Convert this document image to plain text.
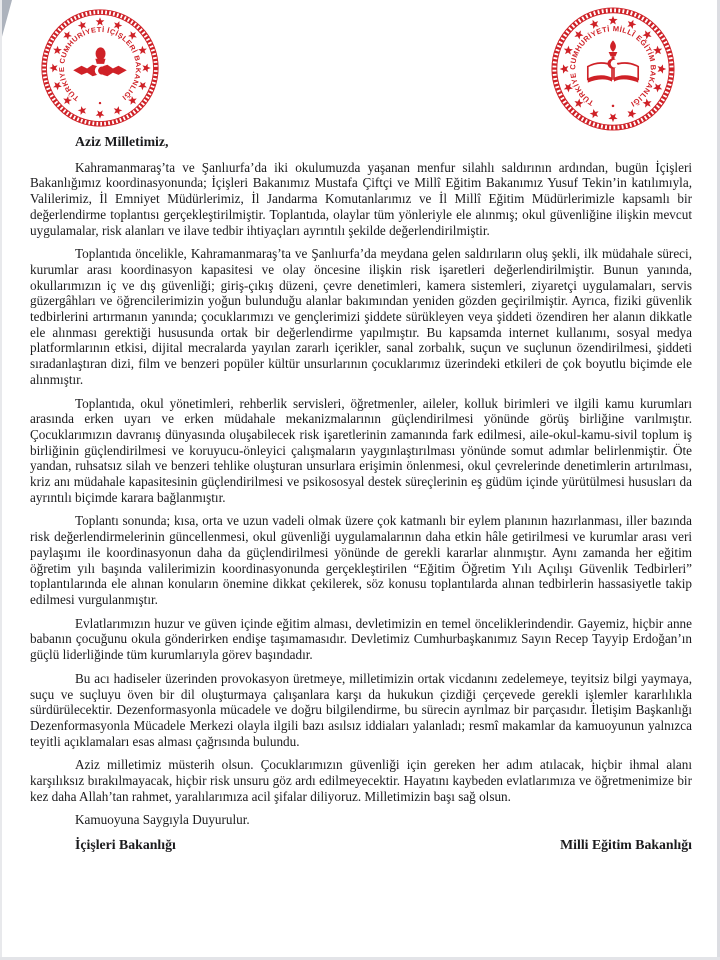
TÜRKİYE CUMHURİYETİ İÇİŞLERİ BAKANLIĞI
TÜRKİYE CUMHURİYETİ MİLLÎ EĞİTİM BAKANLIĞI

Aziz Milletimiz,

Kahramanmaraş’ta ve Şanlıurfa’da iki okulumuzda yaşanan menfur silahlı saldırının ardından, bugün İçişleri Bakanlığımız koordinasyonunda; İçişleri Bakanımız Mustafa Çiftçi ve Millî Eğitim Bakanımız Yusuf Tekin’in katılımıyla, Valilerimiz, İl Emniyet Müdürlerimiz, İl Jandarma Komutanlarımız ve İl Millî Eğitim Müdürlerimizle kapsamlı bir değerlendirme toplantısı gerçekleştirilmiştir. Toplantıda, olaylar tüm yönleriyle ele alınmış; okul güvenliğine ilişkin mevcut uygulamalar, risk alanları ve ilave tedbir ihtiyaçları ayrıntılı şekilde değerlendirilmiştir.

Toplantıda öncelikle, Kahramanmaraş’ta ve Şanlıurfa’da meydana gelen saldırıların oluş şekli, ilk müdahale süreci, kurumlar arası koordinasyon kapasitesi ve olay öncesine ilişkin risk işaretleri değerlendirilmiştir. Bunun yanında, okullarımızın iç ve dış güvenliği; giriş-çıkış düzeni, çevre denetimleri, kamera sistemleri, ziyaretçi uygulamaları, servis güzergâhları ve öğrencilerimizin yoğun bulunduğu alanlar bakımından yeniden gözden geçirilmiştir. Ayrıca, fiziki güvenlik tedbirlerini artırmanın yanında; çocuklarımızı ve gençlerimizi şiddete sürükleyen veya şiddeti özendiren her alanın dikkatle ele alınması gerektiği hususunda ortak bir değerlendirme yapılmıştır. Bu kapsamda internet kullanımı, sosyal medya platformlarının etkisi, dijital mecralarda yayılan zararlı içerikler, sanal zorbalık, suçun ve suçlunun özendirilmesi, şiddeti sıradanlaştıran dizi, film ve benzeri popüler kültür unsurlarının çocuklarımız üzerindeki etkileri de çok boyutlu biçimde ele alınmıştır.

Toplantıda, okul yönetimleri, rehberlik servisleri, öğretmenler, aileler, kolluk birimleri ve ilgili kamu kurumları arasında erken uyarı ve erken müdahale mekanizmalarının güçlendirilmesi yönünde görüş birliğine varılmıştır. Çocuklarımızın davranış dünyasında oluşabilecek risk işaretlerinin zamanında fark edilmesi, aile-okul-kamu-sivil toplum iş birliğinin güçlendirilmesi ve koruyucu-önleyici çalışmaların yaygınlaştırılması yönünde somut adımlar belirlenmiştir. Öte yandan, ruhsatsız silah ve benzeri tehlike oluşturan unsurlara erişimin önlenmesi, okul çevrelerinde denetimlerin artırılması, kriz anı müdahale kapasitesinin güçlendirilmesi ve psikososyal destek süreçlerinin eş güdüm içinde yürütülmesi hususları da ayrıntılı biçimde karara bağlanmıştır.

Toplantı sonunda; kısa, orta ve uzun vadeli olmak üzere çok katmanlı bir eylem planının hazırlanması, iller bazında risk değerlendirmelerinin güncellenmesi, okul güvenliği uygulamalarının daha etkin hâle getirilmesi ve kurumlar arası veri paylaşımı ile koordinasyonun daha da güçlendirilmesi yönünde de gerekli kararlar alınmıştır. Aynı zamanda her eğitim öğretim yılı başında valilerimizin koordinasyonunda gerçekleştirilen “Eğitim Öğretim Yılı Açılışı Güvenlik Tedbirleri” toplantılarında ele alınan konuların önemine dikkat çekilerek, söz konusu toplantılarda alınan tedbirlerin hassasiyetle takip edilmesi vurgulanmıştır.

Evlatlarımızın huzur ve güven içinde eğitim alması, devletimizin en temel önceliklerindendir. Gayemiz, hiçbir anne babanın çocuğunu okula gönderirken endişe taşımamasıdır. Devletimiz Cumhurbaşkanımız Sayın Recep Tayyip Erdoğan’ın güçlü liderliğinde tüm kurumlarıyla görev başındadır.

Bu acı hadiseler üzerinden provokasyon üretmeye, milletimizin ortak vicdanını zedelemeye, teyitsiz bilgi yaymaya, suçu ve suçluyu öven bir dil oluşturmaya çalışanlara karşı da hukukun çizdiği çerçevede gerekli işlemler kararlılıkla sürdürülecektir. Dezenformasyonla mücadele ve doğru bilgilendirme, bu sürecin ayrılmaz bir parçasıdır. İletişim Başkanlığı Dezenformasyonla Mücadele Merkezi olayla ilgili bazı asılsız iddiaları yalanladı; resmî makamlar da kamuoyunun yalnızca teyitli açıklamaları esas alması çağrısında bulundu.

Aziz milletimiz müsterih olsun. Çocuklarımızın güvenliği için gereken her adım atılacak, hiçbir ihmal alanı karşılıksız bırakılmayacak, hiçbir risk unsuru göz ardı edilmeyecektir. Hayatını kaybeden evlatlarımıza ve öğretmenimize bir kez daha Allah’tan rahmet, yaralılarımıza acil şifalar diliyoruz. Milletimizin başı sağ olsun.

Kamuoyuna Saygıyla Duyurulur.

İçişleri Bakanlığı	Milli Eğitim Bakanlığı
